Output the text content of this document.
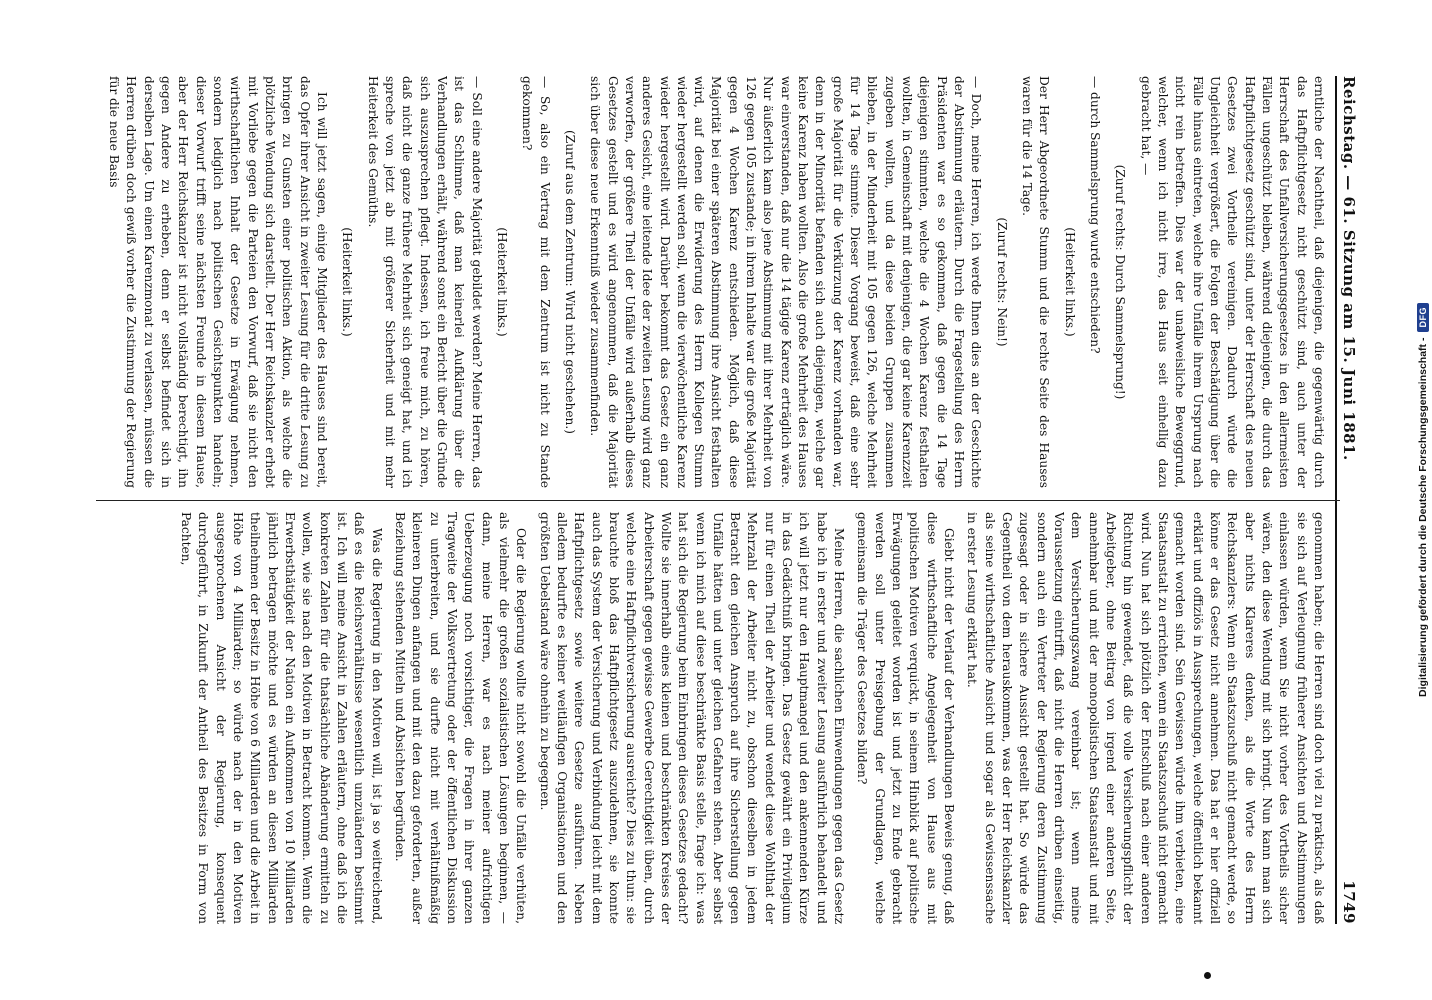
Reichstag. — 61. Sitzung am 15. Juni 1881.
1749

erntliche der Nachtheil, daß diejenigen, die gegenwärtig durch das Haftpflichtgesetz nicht geschützt sind, auch unter der Herrschaft des Unfallversicherungsgesetzes in den allermeisten Fällen ungeschützt bleiben, während diejenigen, die durch das Haftpflichtgesetz geschützt sind, unter der Herrschaft des neuen Gesetzes zwei Vortheile vereinigen. Dadurch würde die Ungleichheit vergrößert, die Folgen der Beschädigung über die Fälle hinaus eintreten, welche ihre Unfälle ihrem Ursprung nach nicht rein betreffen. Dies war der unabweisliche Beweggrund, welcher, wenn ich nicht irre, das Haus seit einhellig dazu gebracht hat, —

(Zuruf rechts: Durch Sammelsprung!)

— durch Sammelsprung wurde entschieden?

(Heiterkeit links.)

Der Herr Abgeordnete Stumm und die rechte Seite des Hauses waren für die 14 Tage.

(Zuruf rechts: Nein!)

— Doch, meine Herren, ich werde Ihnen dies an der Geschichte der Abstimmung erläutern. Durch die Fragestellung des Herrn Präsidenten war es so gekommen, daß gegen die 14 Tage diejenigen stimmten, welche die 4 Wochen Karenz festhalten wollten, in Gemeinschaft mit denjenigen, die gar keine Karenzzeit zugeben wollten, und da diese beiden Gruppen zusammen blieben, in der Minderheit mit 105 gegen 126, welche Mehrheit für 14 Tage stimmte. Dieser Vorgang beweist, daß eine sehr große Majorität für die Verkürzung der Karenz vorhanden war, denn in der Minorität befanden sich auch diejenigen, welche gar keine Karenz haben wollten. Also die große Mehrheit des Hauses war einverstanden, daß nur die 14 tägige Karenz erträglich wäre. Nur äußerlich kam also jene Abstimmung mit ihrer Mehrheit von 126 gegen 105 zustande; in ihrem Inhalte war die große Majorität gegen 4 Wochen Karenz entschieden. Möglich, daß diese Majorität bei einer späteren Abstimmung ihre Ansicht festhalten wird, auf denen die Erwiderung des Herrn Kollegen Stumm wieder hergestellt werden soll, wenn die vierwöchentliche Karenz wieder hergestellt wird. Darüber bekommt das Gesetz ein ganz anderes Gesicht, eine leitende Idee der zweiten Lesung wird ganz verworfen, der größere Theil der Unfälle wird außerhalb dieses Gesetzes gestellt und es wird angenommen, daß die Majorität sich über diese neue Erkenntniß wieder zusammenfinden.

(Zuruf aus dem Zentrum: Wird nicht geschehen.)

— So, also ein Vertrag mit dem Zentrum ist nicht zu Stande gekommen?

(Heiterkeit links.)

— Soll eine andere Majorität gebildet werden? Meine Herren, das ist das Schlimme, daß man keinerlei Aufklärung über die Verhandlungen erhält, während sonst ein Bericht über die Gründe sich auszusprechen pflegt. Indessen, ich freue mich, zu hören, daß nicht die ganze frühere Mehrheit sich geneigt hat, und ich spreche von jetzt ab mit größerer Sicherheit und mit mehr Heiterkeit des Gemüths.

(Heiterkeit links.)

Ich will jetzt sagen, einige Mitglieder des Hauses sind bereit, das Opfer ihrer Ansicht in zweiter Lesung für die dritte Lesung zu bringen zu Gunsten einer politischen Aktion, als welche die plötzliche Wendung sich darstellt. Der Herr Reichskanzler erhebt mit Vorliebe gegen die Parteien den Vorwurf, daß sie nicht den wirthschaftlichen Inhalt der Gesetze in Erwägung nehmen, sondern lediglich nach politischen Gesichtspunkten handeln; dieser Vorwurf trifft seine nächsten Freunde in diesem Hause, aber der Herr Reichskanzler ist nicht vollständig berechtigt, ihn gegen Andere zu erheben, denn er selbst befindet sich in derselben Lage. Um einen Karenzmonat zu verlassen, müssen die Herren drüben doch gewiß vorher die Zustimmung der Regierung für die neue Basis

genommen haben; die Herren sind doch viel zu praktisch, als daß sie sich auf Verleugnung früherer Ansichten und Abstimmungen einlassen würden, wenn Sie nicht vorher des Vortheils sicher wären, den diese Wendung mit sich bringt. Nun kann man sich aber nichts Klareres denken, als die Worte des Herrn Reichskanzlers: Wenn ein Staatszuschuß nicht gemacht werde, so könne er das Gesetz nicht annehmen. Das hat er hier offiziell erklärt und offiziös in Aussprechungen, welche öffentlich bekannt gemacht worden sind. Sein Gewissen würde ihm verbieten, eine Staatsanstalt zu errichten, wenn ein Staatszuschuß nicht gemacht wird. Nun hat sich plötzlich der Entschluß nach einer anderen Richtung hin gewendet, daß die volle Versicherungspflicht der Arbeitgeber, ohne Beitrag von irgend einer anderen Seite, annehmbar und mit der monopolistischen Staatsanstalt und mit dem Versicherungszwang vereinbar ist; wenn meine Voraussetzung eintrifft, daß nicht die Herren drüben einseitig, sondern auch ein Vertreter der Regierung deren Zustimmung zugesagt oder in sichere Aussicht gestellt hat. So würde das Gegentheil von dem herauskommen, was der Herr Reichskanzler als seine wirthschaftliche Ansicht und sogar als Gewissenssache in erster Lesung erklärt hat.

Giebt nicht der Verlauf der Verhandlungen Beweis genug, daß diese wirthschaftliche Angelegenheit von Hause aus mit politischen Motiven verquickt, in seinem Hinblick auf politische Erwägungen geleitet worden ist und jetzt zu Ende gebracht werden soll unter Preisgebung der Grundlagen, welche gemeinsam die Träger des Gesetzes bilden?

Meine Herren, die sachlichen Einwendungen gegen das Gesetz habe ich in erster und zweiter Lesung ausführlich behandelt und ich will jetzt nur den Hauptmangel und den ankennenden Kürze in das Gedächtniß bringen. Das Gesetz gewährt ein Privilegium nur für einen Theil der Arbeiter und wendet diese Wohlthat der Mehrzahl der Arbeiter nicht zu, obschon dieselben in jedem Betracht den gleichen Anspruch auf ihre Sicherstellung gegen Unfälle hätten und unter gleichen Gefahren stehen. Aber selbst wenn ich mich auf diese beschränkte Basis stelle, frage ich: was hat sich die Regierung beim Einbringen dieses Gesetzes gedacht? Wollte sie innerhalb eines kleinen und beschränkten Kreises der Arbeiterschaft gegen gewisse Gewerbe Gerechtigkeit üben, durch welche eine Haftpflichtversicherung ausreichte? Dies zu thun: sie brauchte bloß das Haftpflichtgesetz auszudehnen, sie konnte auch das System der Versicherung und Verbindung leicht mit dem Haftpflichtgesetz sowie weitere Gesetze ausführen. Neben alledem bedurfte es keiner weitläufigen Organisationen und den größten Uebelstand wäre ohnehin zu begegnen.

Oder die Regierung wollte nicht sowohl die Unfälle verhüten, als vielmehr die großen sozialistischen Lösungen beginnen, — dann, meine Herren, war es nach meiner aufrichtigen Ueberzeugung noch vorsichtiger, die Fragen in ihrer ganzen Tragweite der Volksvertretung oder der öffentlichen Diskussion zu unterbreiten, und sie durfte nicht mit verhältnißmäßig kleineren Dingen anfangen und mit den dazu geforderten, außer Beziehung stehenden Mitteln und Absichten begründen.

Was die Regierung in den Motiven will, ist ja so weitreichend, daß es die Reichsverhältnisse wesentlich umzuändern bestimmt ist. Ich will meine Ansicht in Zahlen erläutern, ohne daß ich die konkreten Zahlen für die thatsächliche Abänderung ermitteln zu wollen, wie sie nach den Motiven in Betracht kommen. Wenn die Erwerbsthätigkeit der Nation ein Aufkommen von 10 Milliarden jährlich betragen möchte und es würden an diesen Milliarden theilnehmen der Besitz in Höhe von 6 Milliarden und die Arbeit in Höhe von 4 Milliarden; so würde nach der in den Motiven ausgesprochenen Ansicht der Regierung, konsequent durchgeführt, in Zukunft der Antheil des Besitzes in Form von Pachten,	Digitalisierung gefördert durch die Deutsche Forschungsgemeinschaft -
DFG
